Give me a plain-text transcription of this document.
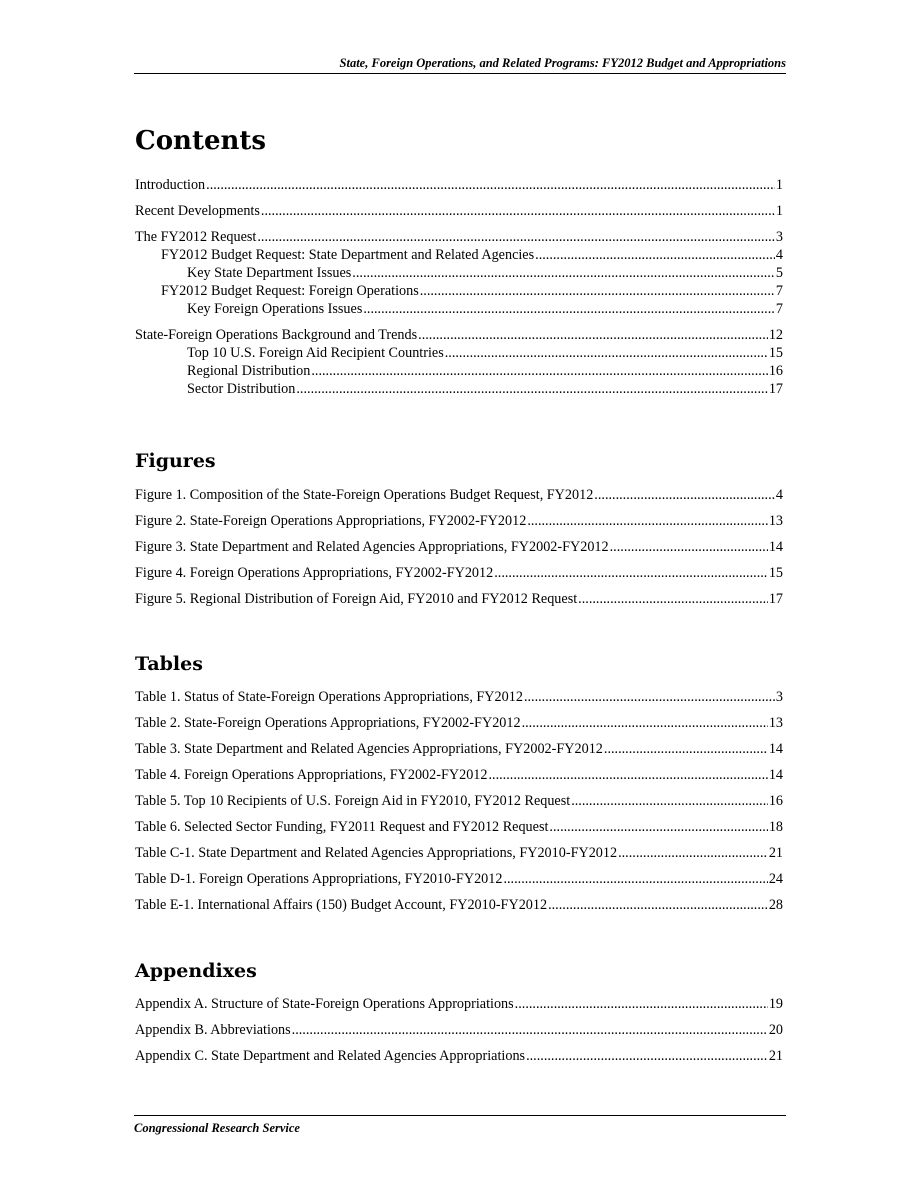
State, Foreign Operations, and Related Programs: FY2012 Budget and Appropriations
Contents
Introduction .....	1
Recent Developments .....	1
The FY2012 Request .....	3
FY2012 Budget Request: State Department and Related Agencies .....	4
Key State Department Issues .....	5
FY2012 Budget Request: Foreign Operations .....	7
Key Foreign Operations Issues .....	7
State-Foreign Operations Background and Trends .....	12
Top 10 U.S. Foreign Aid Recipient Countries .....	15
Regional Distribution .....	16
Sector Distribution .....	17
Figures
Figure 1. Composition of the State-Foreign Operations Budget Request, FY2012 .....	4
Figure 2. State-Foreign Operations Appropriations, FY2002-FY2012 .....	13
Figure 3. State Department and Related Agencies Appropriations, FY2002-FY2012 .....	14
Figure 4. Foreign Operations Appropriations, FY2002-FY2012 .....	15
Figure 5. Regional Distribution of Foreign Aid, FY2010 and FY2012 Request .....	17
Tables
Table 1. Status of State-Foreign Operations Appropriations, FY2012 .....	3
Table 2. State-Foreign Operations Appropriations, FY2002-FY2012 .....	13
Table 3. State Department and Related Agencies Appropriations, FY2002-FY2012 .....	14
Table 4. Foreign Operations Appropriations, FY2002-FY2012 .....	14
Table 5. Top 10 Recipients of U.S. Foreign Aid in FY2010, FY2012 Request .....	16
Table 6. Selected Sector Funding, FY2011 Request and FY2012 Request .....	18
Table C-1. State Department and Related Agencies Appropriations, FY2010-FY2012 .....	21
Table D-1. Foreign Operations Appropriations, FY2010-FY2012 .....	24
Table E-1. International Affairs (150) Budget Account, FY2010-FY2012 .....	28
Appendixes
Appendix A. Structure of State-Foreign Operations Appropriations .....	19
Appendix B. Abbreviations .....	20
Appendix C. State Department and Related Agencies Appropriations .....	21
Congressional Research Service
